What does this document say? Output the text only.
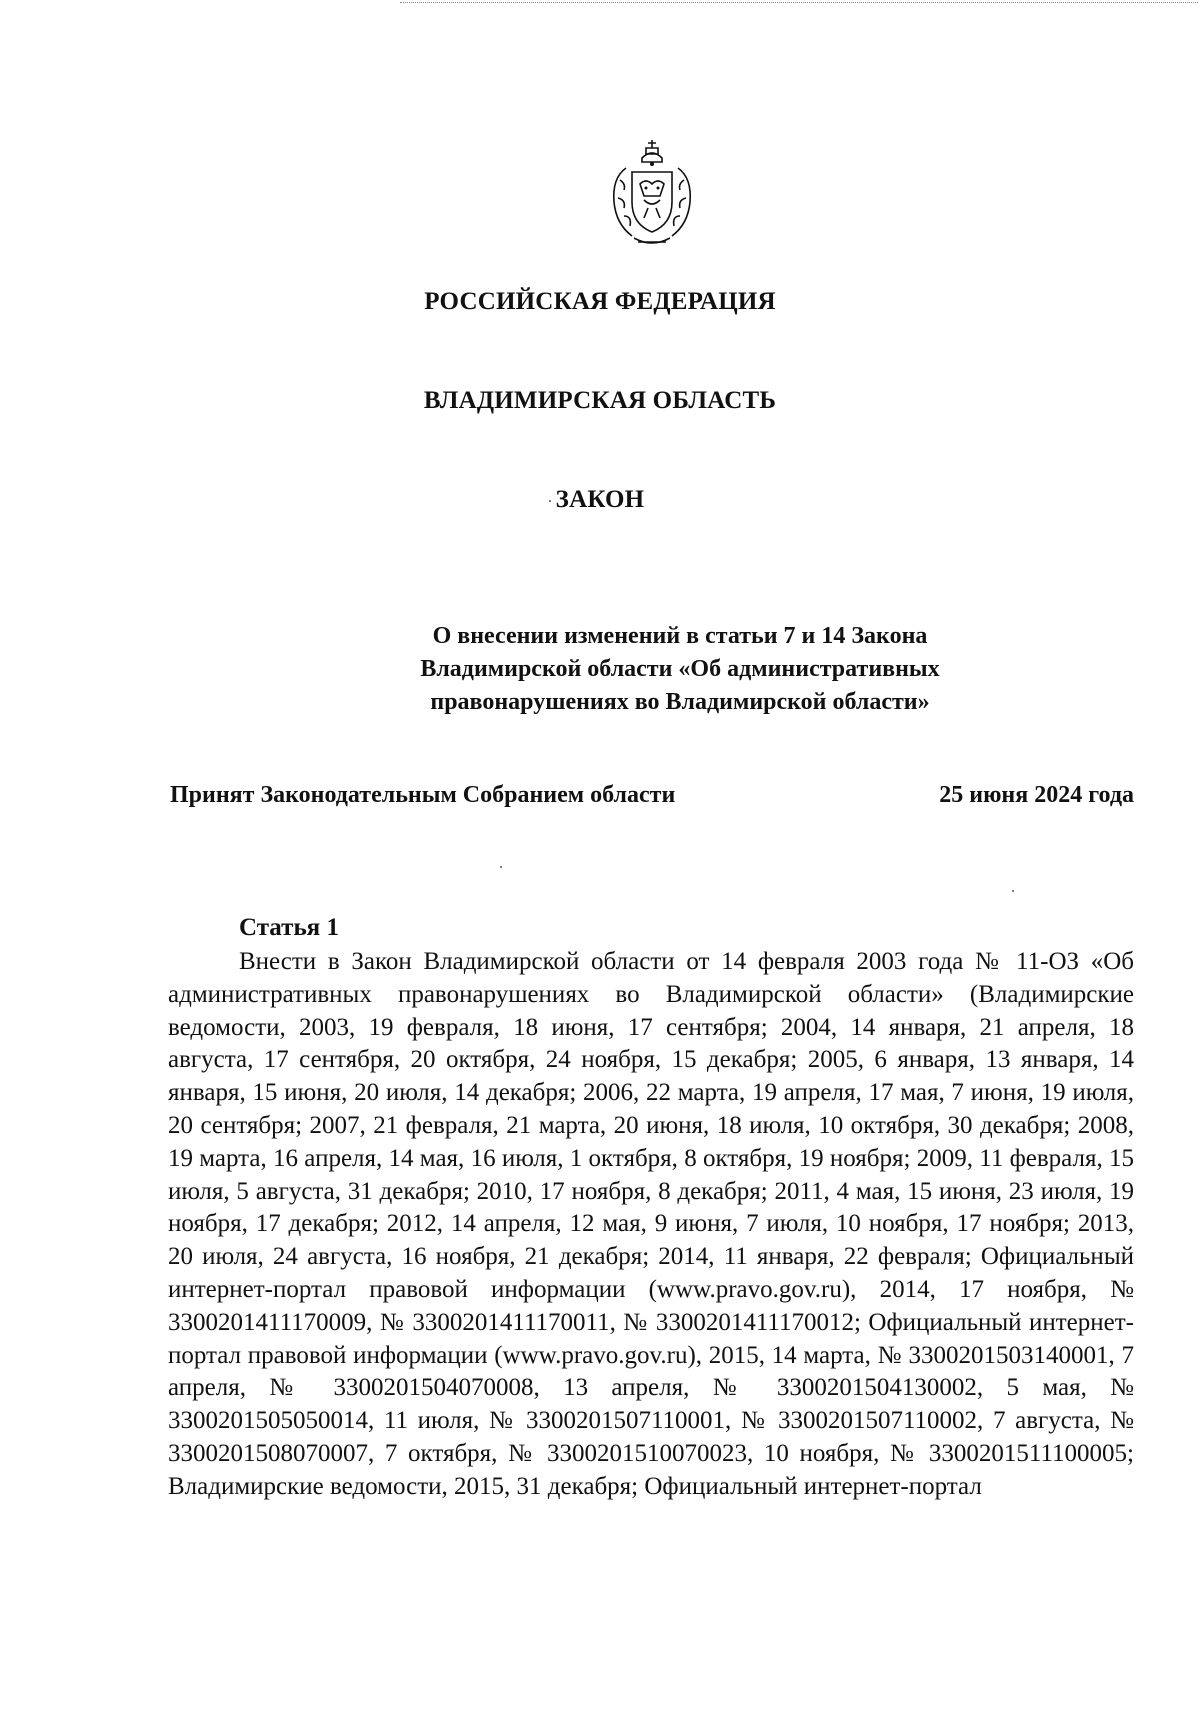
РОССИЙСКАЯ ФЕДЕРАЦИЯ
ВЛАДИМИРСКАЯ ОБЛАСТЬ
ЗАКОН
О внесении изменений в статьи 7 и 14 Закона
Владимирской области «Об административных
правонарушениях во Владимирской области»
Принят Законодательным Собранием области	25 июня 2024 года
Статья 1
Внести в Закон Владимирской области от 14 февраля 2003 года № 11-ОЗ «Об административных правонарушениях во Владимирской области» (Владимирские ведомости, 2003, 19 февраля, 18 июня, 17 сентября; 2004, 14 января, 21 апреля, 18 августа, 17 сентября, 20 октября, 24 ноября, 15 декабря; 2005, 6 января, 13 января, 14 января, 15 июня, 20 июля, 14 декабря; 2006, 22 марта, 19 апреля, 17 мая, 7 июня, 19 июля, 20 сентября; 2007, 21 февраля, 21 марта, 20 июня, 18 июля, 10 октября, 30 декабря; 2008, 19 марта, 16 апреля, 14 мая, 16 июля, 1 октября, 8 октября, 19 ноября; 2009, 11 февраля, 15 июля, 5 августа, 31 декабря; 2010, 17 ноября, 8 декабря; 2011, 4 мая, 15 июня, 23 июля, 19 ноября, 17 декабря; 2012, 14 апреля, 12 мая, 9 июня, 7 июля, 10 ноября, 17 ноября; 2013, 20 июля, 24 августа, 16 ноября, 21 декабря; 2014, 11 января, 22 февраля; Официальный интернет-портал правовой информации (www.pravo.gov.ru), 2014, 17 ноября, № 3300201411170009, № 3300201411170011, № 3300201411170012; Официальный интернет-портал правовой информации (www.pravo.gov.ru), 2015, 14 марта, № 3300201503140001, 7 апреля, № 3300201504070008, 13 апреля, № 3300201504130002, 5 мая, № 3300201505050014, 11 июля, № 3300201507110001, № 3300201507110002, 7 августа, № 3300201508070007, 7 октября, № 3300201510070023, 10 ноября, № 3300201511100005; Владимирские ведомости, 2015, 31 декабря; Официальный интернет-портал
